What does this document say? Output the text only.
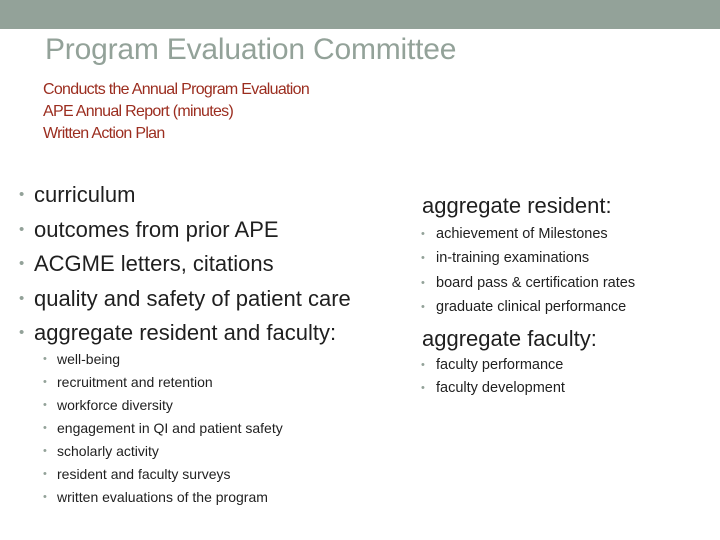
Program Evaluation Committee
Conducts the Annual Program Evaluation
APE Annual Report (minutes)
Written Action Plan
• curriculum
• outcomes from prior APE
• ACGME letters, citations
• quality and safety of patient care
• aggregate resident and faculty:
• well-being
• recruitment and retention
• workforce diversity
• engagement in QI and patient safety
• scholarly activity
• resident and faculty surveys
• written evaluations of the program
aggregate resident:
• achievement of Milestones
• in-training examinations
• board pass & certification rates
• graduate clinical performance
aggregate faculty:
• faculty performance
• faculty development
